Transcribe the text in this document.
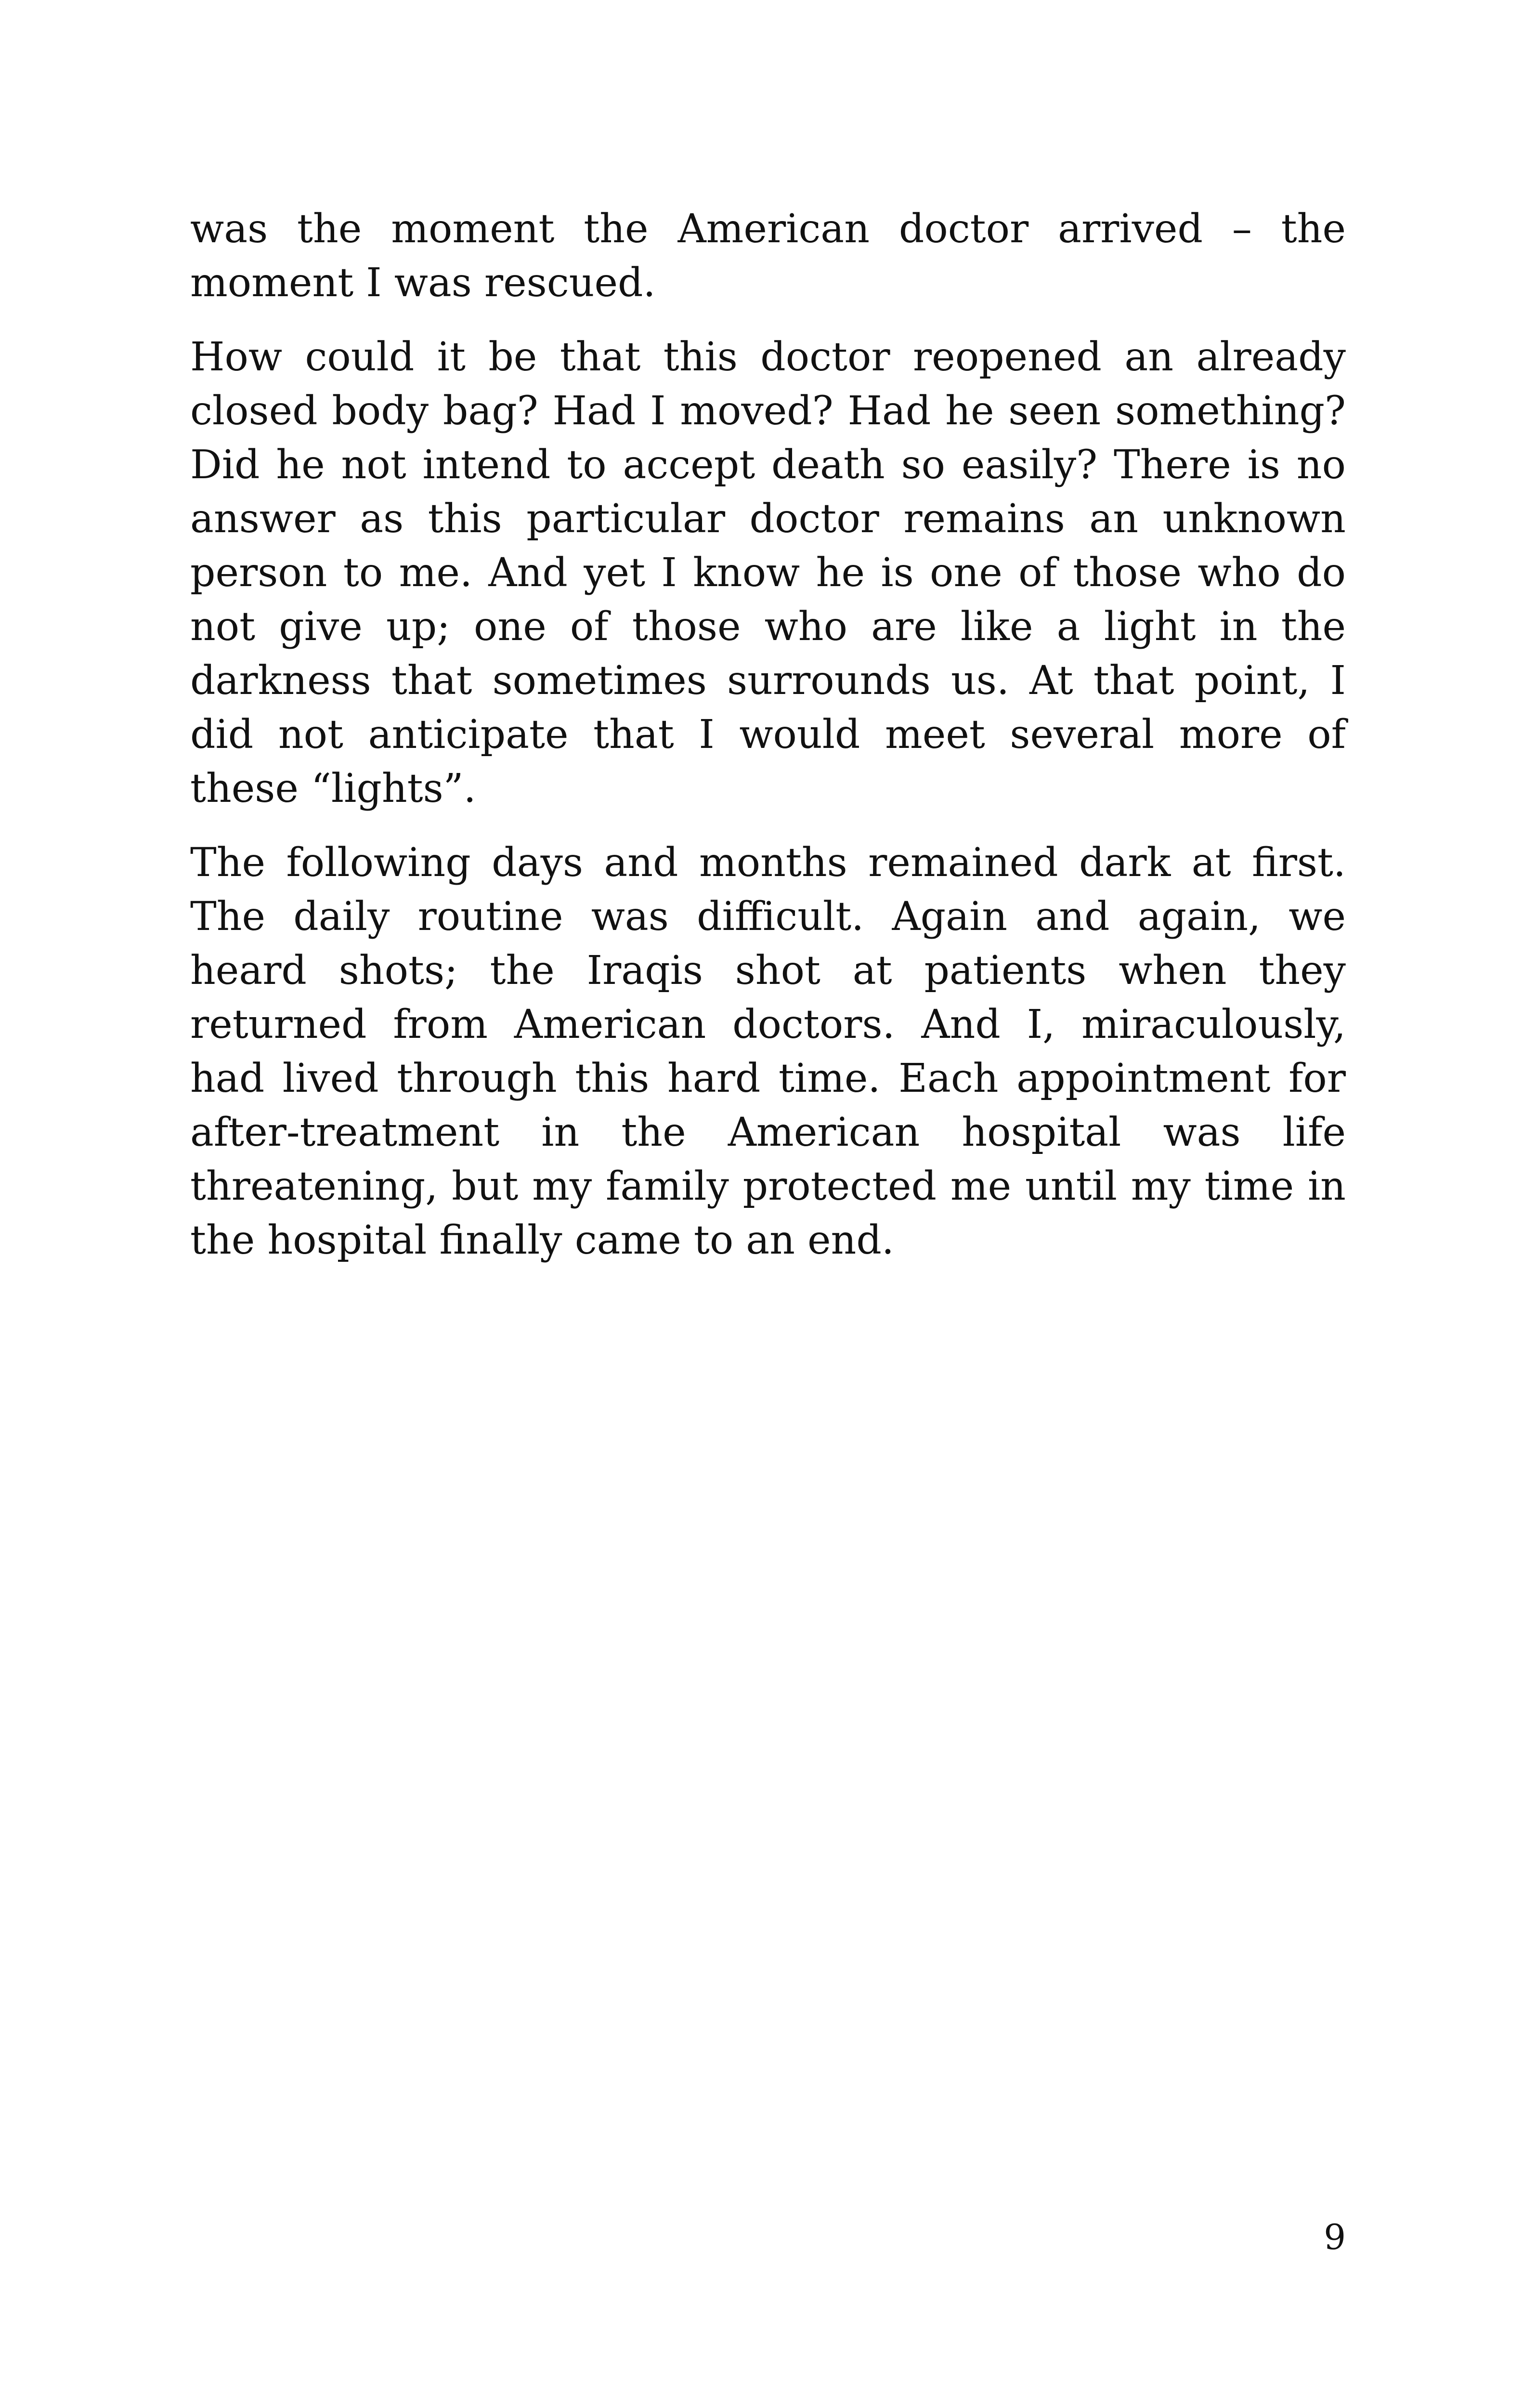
was the moment the American doctor arrived – the moment I was rescued.

How could it be that this doctor reopened an already closed body bag? Had I moved? Had he seen something? Did he not intend to accept death so easily? There is no answer as this particular doctor remains an unknown person to me. And yet I know he is one of those who do not give up; one of those who are like a light in the darkness that sometimes surrounds us. At that point, I did not anticipate that I would meet several more of these “lights”.

The following days and months remained dark at first. The daily routine was difficult. Again and again, we heard shots; the Iraqis shot at patients when they returned from American doctors. And I, miraculously, had lived through this hard time. Each appointment for after-treatment in the American hospital was life threatening, but my family protected me until my time in the hospital finally came to an end.

9
